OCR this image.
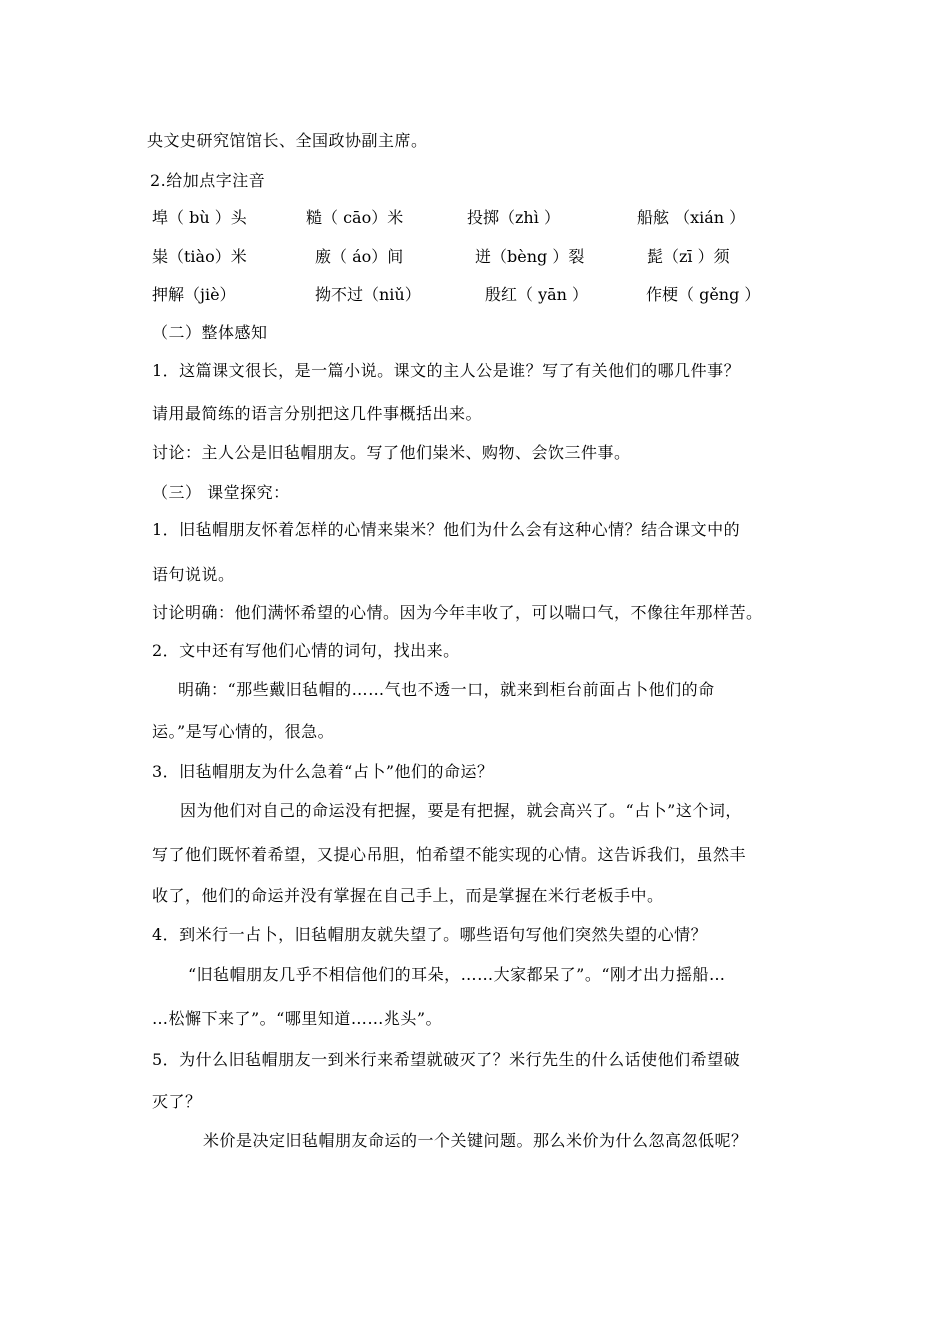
央文史研究馆馆长、全国政协副主席。
2.给加点字注音
埠（ bù ）头	糙（ cāo）米	投掷（zhì ）	船舷 （xián ）
粜（tiào）米	廒（ áo）间	迸（bèng ）裂	髭（zī ）须
押解（jiè）	拗不过（niǔ）	殷红（ yān ）	作梗（ gěng ）
（二）整体感知
1．这篇课文很长，是一篇小说。课文的主人公是谁？写了有关他们的哪几件事？
请用最简练的语言分别把这几件事概括出来。
讨论：主人公是旧毡帽朋友。写了他们粜米、购物、会饮三件事。
（三） 课堂探究：
1．旧毡帽朋友怀着怎样的心情来粜米？他们为什么会有这种心情？结合课文中的
语句说说。
讨论明确：他们满怀希望的心情。因为今年丰收了，可以喘口气，不像往年那样苦。
2．文中还有写他们心情的词句，找出来。
明确：“那些戴旧毡帽的……气也不透一口，就来到柜台前面占卜他们的命
运。”是写心情的，很急。
3．旧毡帽朋友为什么急着“占卜”他们的命运？
因为他们对自己的命运没有把握，要是有把握，就会高兴了。“占卜”这个词，
写了他们既怀着希望，又提心吊胆，怕希望不能实现的心情。这告诉我们，虽然丰
收了，他们的命运并没有掌握在自己手上，而是掌握在米行老板手中。
4．到米行一占卜，旧毡帽朋友就失望了。哪些语句写他们突然失望的心情？
“旧毡帽朋友几乎不相信他们的耳朵，……大家都呆了”。“刚才出力摇船…
…松懈下来了”。“哪里知道……兆头”。
5．为什么旧毡帽朋友一到米行来希望就破灭了？米行先生的什么话使他们希望破
灭了？
米价是决定旧毡帽朋友命运的一个关键问题。那么米价为什么忽高忽低呢？
